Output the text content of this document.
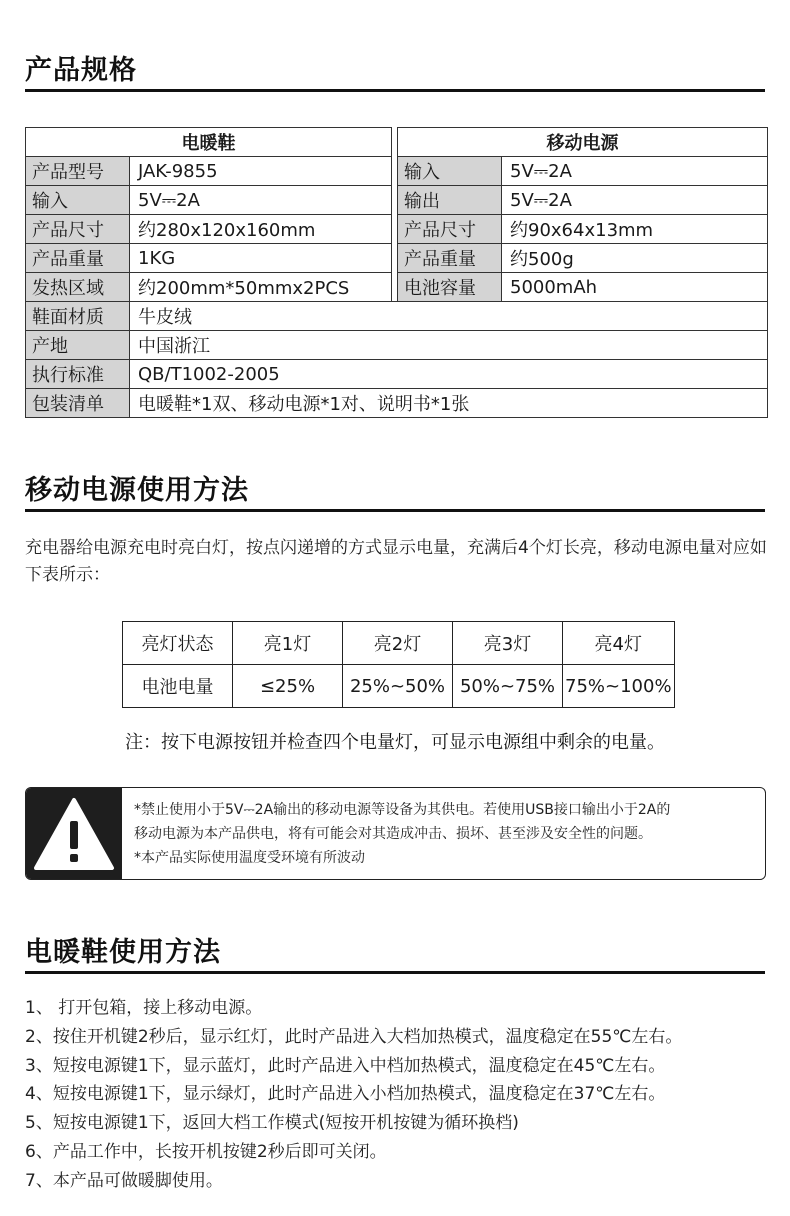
产品规格
电暖鞋			移动电源	
产品型号	JAK-9855		输入	5V⎓2A
输入	5V⎓2A		输出	5V⎓2A
产品尺寸	约280x120x160mm		产品尺寸	约90x64x13mm
产品重量	1KG		产品重量	约500g
发热区域	约200mm*50mmx2PCS		电池容量	5000mAh
鞋面材质	牛皮绒			
产地	中国浙江			
执行标准	QB/T1002-2005			
包装清单	电暖鞋*1双、移动电源*1对、说明书*1张			
移动电源使用方法

充电器给电源充电时亮白灯，按点闪递增的方式显示电量，充满后4个灯长亮，移动电源电量对应如下表所示：

亮灯状态	亮1灯	亮2灯	亮3灯	亮4灯
电池电量	≤25%	25%~50%	50%~75%	75%~100%
注：按下电源按钮并检查四个电量灯，可显示电源组中剩余的电量。
*禁止使用小于5V⎓2A输出的移动电源等设备为其供电。若使用USB接口输出小于2A的
移动电源为本产品供电，将有可能会对其造成冲击、损坏、甚至涉及安全性的问题。
*本产品实际使用温度受环境有所波动
电暖鞋使用方法
1、 打开包箱，接上移动电源。
2、按住开机键2秒后，显示红灯，此时产品进入大档加热模式，温度稳定在55℃左右。
3、短按电源键1下，显示蓝灯，此时产品进入中档加热模式，温度稳定在45℃左右。
4、短按电源键1下，显示绿灯，此时产品进入小档加热模式，温度稳定在37℃左右。
5、短按电源键1下，返回大档工作模式(短按开机按键为循环换档)
6、产品工作中，长按开机按键2秒后即可关闭。
7、本产品可做暖脚使用。
